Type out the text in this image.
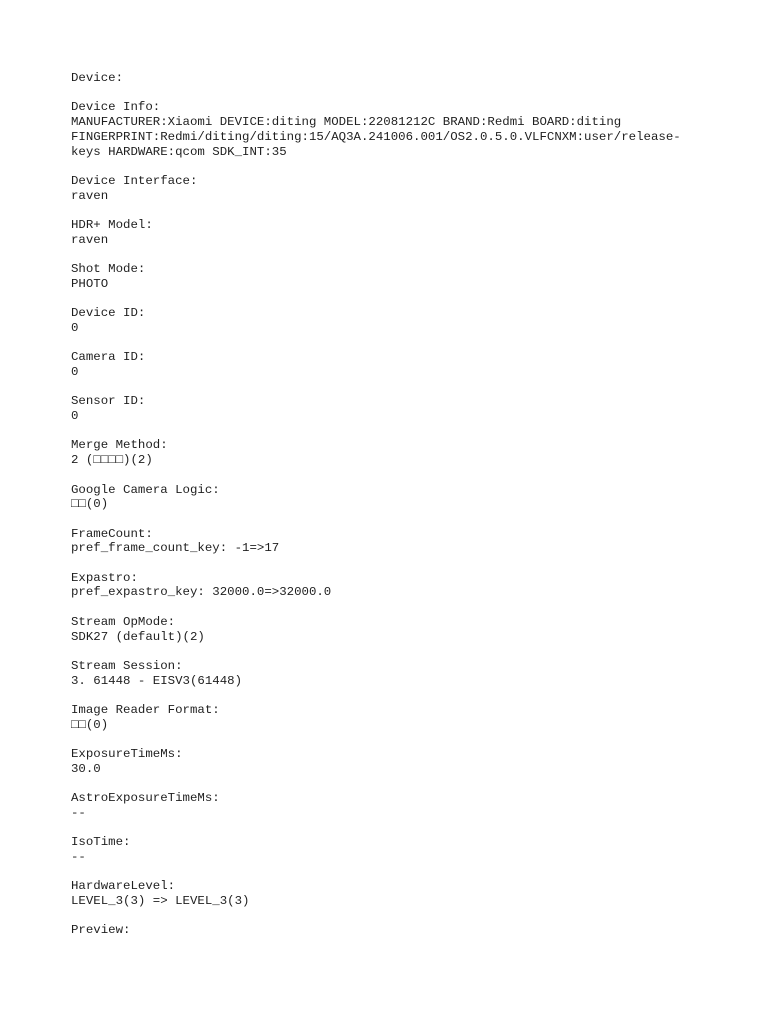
Device:
Device Info:
MANUFACTURER:Xiaomi DEVICE:diting MODEL:22081212C BRAND:Redmi BOARD:diting
FINGERPRINT:Redmi/diting/diting:15/AQ3A.241006.001/OS2.0.5.0.VLFCNXM:user/release-
keys HARDWARE:qcom SDK_INT:35
Device Interface:
raven
HDR+ Model:
raven
Shot Mode:
PHOTO
Device ID:
0
Camera ID:
0
Sensor ID:
0
Merge Method:
2 (□□□□)(2)
Google Camera Logic:
□□(0)
FrameCount:
pref_frame_count_key: -1=>17
Expastro:
pref_expastro_key: 32000.0=>32000.0
Stream OpMode:
SDK27 (default)(2)
Stream Session:
3. 61448 - EISV3(61448)
Image Reader Format:
□□(0)
ExposureTimeMs:
30.0
AstroExposureTimeMs:
--
IsoTime:
--
HardwareLevel:
LEVEL_3(3) => LEVEL_3(3)
Preview:
